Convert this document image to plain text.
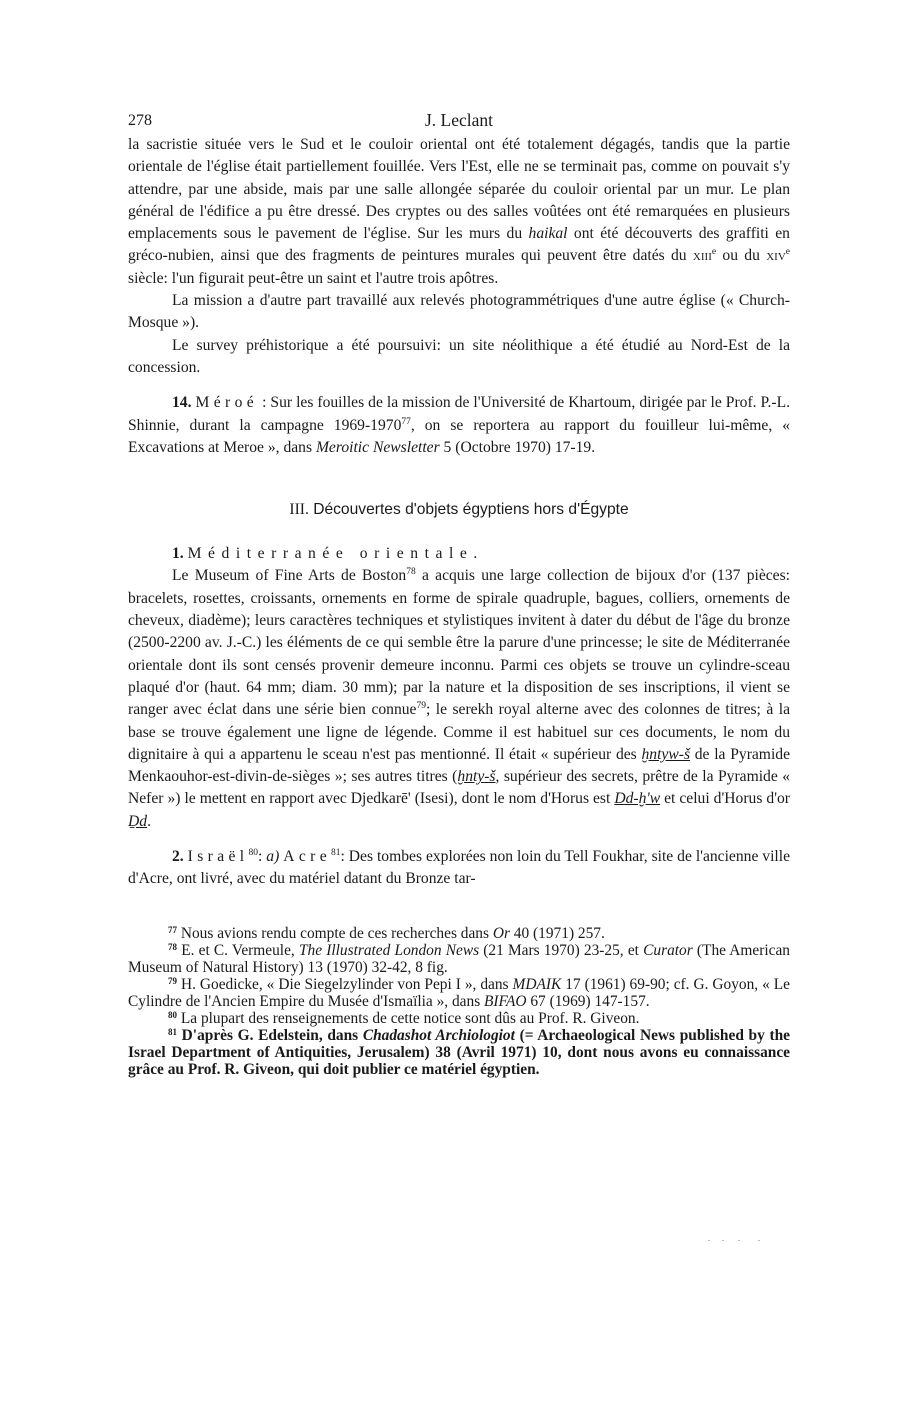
278	J. Leclant

la sacristie située vers le Sud et le couloir oriental ont été totalement dégagés, tandis que la partie orientale de l'église était partiellement fouillée. Vers l'Est, elle ne se terminait pas, comme on pouvait s'y attendre, par une abside, mais par une salle allongée séparée du couloir oriental par un mur. Le plan général de l'édifice a pu être dressé. Des cryptes ou des salles voûtées ont été remarquées en plusieurs emplacements sous le pavement de l'église. Sur les murs du haikal ont été découverts des graffiti en gréco-nubien, ainsi que des fragments de peintures murales qui peuvent être datés du xiii$^e$ ou du xiv$^e$ siècle: l'un figurait peut-être un saint et l'autre trois apôtres.

La mission a d'autre part travaillé aux relevés photogrammétriques d'une autre église (« Church-Mosque »).

Le survey préhistorique a été poursuivi: un site néolithique a été étudié au Nord-Est de la concession.

14. Méroé : Sur les fouilles de la mission de l'Université de Khartoum, dirigée par le Prof. P.-L. Shinnie, durant la campagne 1969-1970$^{77}$, on se reportera au rapport du fouilleur lui-même, « Excavations at Meroe », dans Meroitic Newsletter 5 (Octobre 1970) 17-19.

III. Découvertes d'objets égyptiens hors d'Égypte

1. Méditerranée orientale.

Le Museum of Fine Arts de Boston$^{78}$ a acquis une large collection de bijoux d'or (137 pièces: bracelets, rosettes, croissants, ornements en forme de spirale quadruple, bagues, colliers, ornements de cheveux, diadème); leurs caractères techniques et stylistiques invitent à dater du début de l'âge du bronze (2500-2200 av. J.-C.) les éléments de ce qui semble être la parure d'une princesse; le site de Méditerranée orientale dont ils sont censés provenir demeure inconnu. Parmi ces objets se trouve un cylindre-sceau plaqué d'or (haut. 64 mm; diam. 30 mm); par la nature et la disposition de ses inscriptions, il vient se ranger avec éclat dans une série bien connue$^{79}$; le serekh royal alterne avec des colonnes de titres; à la base se trouve également une ligne de légende. Comme il est habituel sur ces documents, le nom du dignitaire à qui a appartenu le sceau n'est pas mentionné. Il était « supérieur des ḫntyw-š de la Pyramide Menkaouhor-est-divin-de-sièges »; ses autres titres (ḫnty-š, supérieur des secrets, prêtre de la Pyramide « Nefer ») le mettent en rapport avec Djedkarē' (Isesi), dont le nom d'Horus est Ḏd-ḫ'w et celui d'Horus d'or Ḏd.

2. Israël$^{80}$: a) Acre$^{81}$: Des tombes explorées non loin du Tell Foukhar, site de l'ancienne ville d'Acre, ont livré, avec du matériel datant du Bronze tar-

$^{77}$ Nous avions rendu compte de ces recherches dans Or 40 (1971) 257.

$^{78}$ E. et C. Vermeule, The Illustrated London News (21 Mars 1970) 23-25, et Curator (The American Museum of Natural History) 13 (1970) 32-42, 8 fig.

$^{79}$ H. Goedicke, « Die Siegelzylinder von Pepi I », dans MDAIK 17 (1961) 69-90; cf. G. Goyon, « Le Cylindre de l'Ancien Empire du Musée d'Ismaïlia », dans BIFAO 67 (1969) 147-157.

$^{80}$ La plupart des renseignements de cette notice sont dûs au Prof. R. Giveon.

$^{81}$ D'après G. Edelstein, dans Chadashot Archiologiot (= Archaeological News published by the Israel Department of Antiquities, Jerusalem) 38 (Avril 1971) 10, dont nous avons eu connaissance grâce au Prof. R. Giveon, qui doit publier ce matériel égyptien.
